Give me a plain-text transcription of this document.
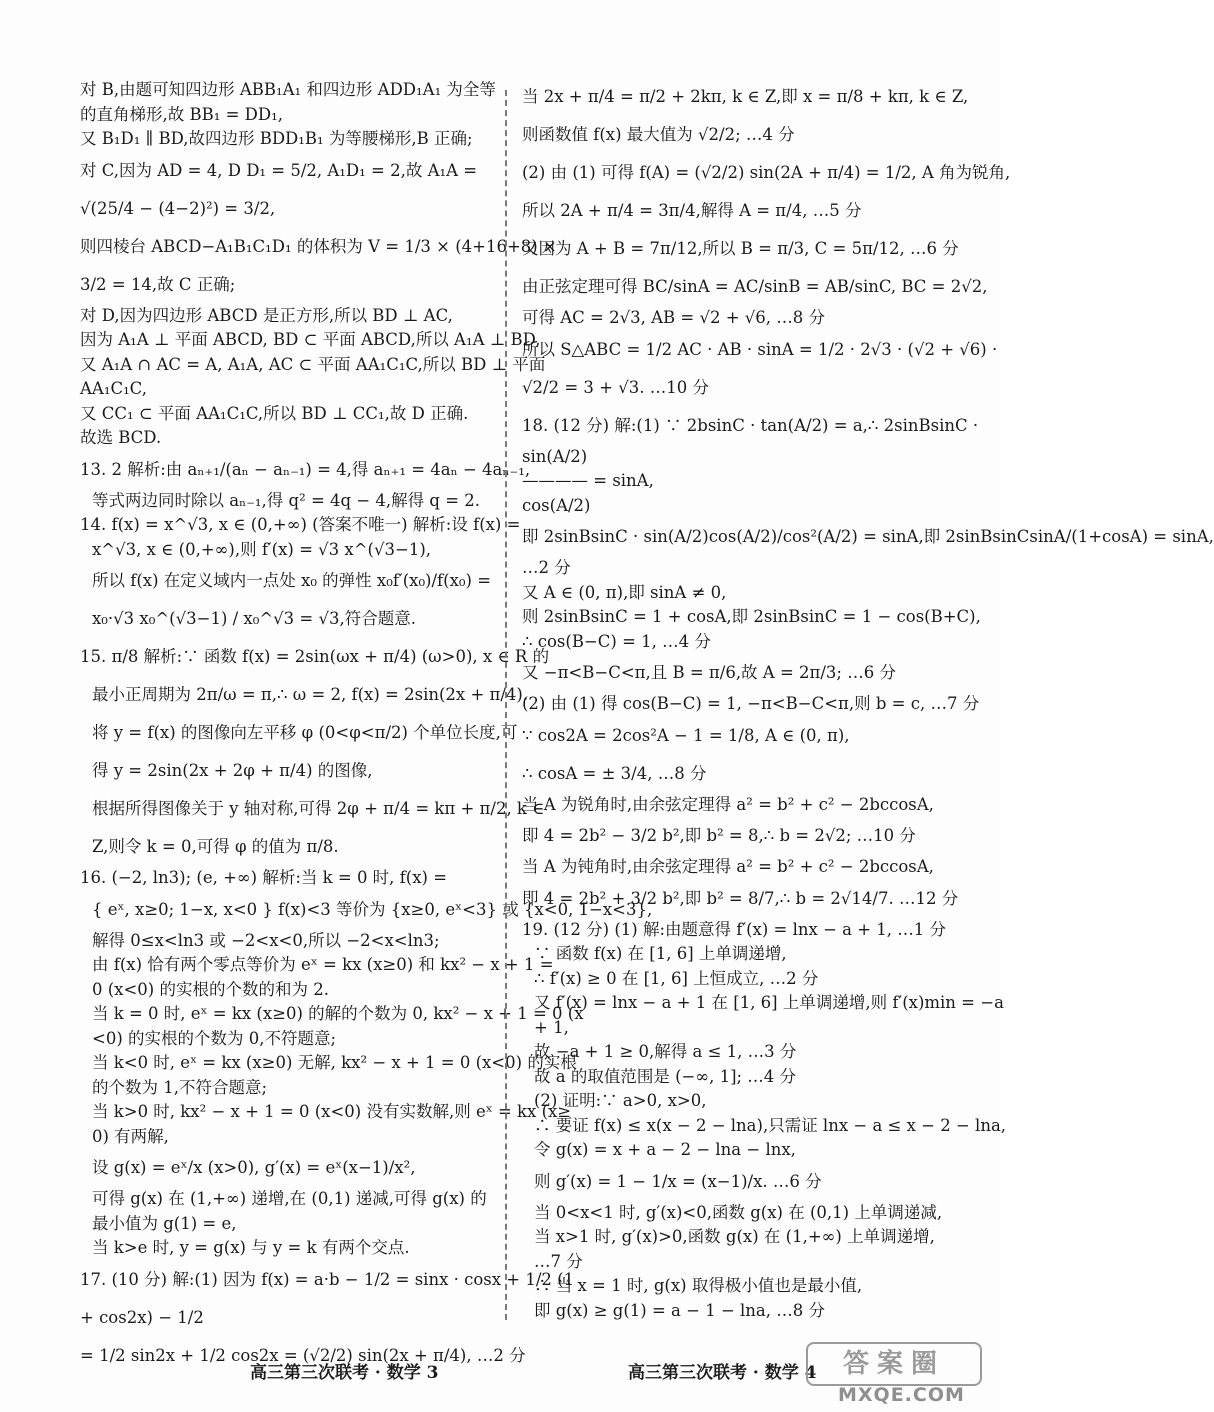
对 B,由题可知四边形 ABB₁A₁ 和四边形 ADD₁A₁ 为全等
的直角梯形,故 BB₁ = DD₁,
又 B₁D₁ ∥ BD,故四边形 BDD₁B₁ 为等腰梯形,B 正确;
对 C,因为 AD = 4, D D₁ = 5/2, A₁D₁ = 2,故 A₁A =
√(25/4 − (4−2)²) = 3/2,
则四棱台 ABCD−A₁B₁C₁D₁ 的体积为 V = 1/3 × (4+16+8) ×
3/2 = 14,故 C 正确;
对 D,因为四边形 ABCD 是正方形,所以 BD ⊥ AC,
因为 A₁A ⊥ 平面 ABCD, BD ⊂ 平面 ABCD,所以 A₁A ⊥ BD,
又 A₁A ∩ AC = A, A₁A, AC ⊂ 平面 AA₁C₁C,所以 BD ⊥ 平面
AA₁C₁C,
又 CC₁ ⊂ 平面 AA₁C₁C,所以 BD ⊥ CC₁,故 D 正确.
故选 BCD.
13. 2 解析:由 aₙ₊₁/(aₙ − aₙ₋₁) = 4,得 aₙ₊₁ = 4aₙ − 4aₙ₋₁,
等式两边同时除以 aₙ₋₁,得 q² = 4q − 4,解得 q = 2.
14. f(x) = x^√3, x ∈ (0,+∞) (答案不唯一) 解析:设 f(x) =
x^√3, x ∈ (0,+∞),则 f′(x) = √3 x^(√3−1),
所以 f(x) 在定义域内一点处 x₀ 的弹性 x₀f′(x₀)/f(x₀) =
x₀·√3 x₀^(√3−1) / x₀^√3 = √3,符合题意.
15. π/8 解析:∵ 函数 f(x) = 2sin(ωx + π/4) (ω>0), x ∈ R 的
最小正周期为 2π/ω = π,∴ ω = 2, f(x) = 2sin(2x + π/4).
将 y = f(x) 的图像向左平移 φ (0<φ<π/2) 个单位长度,可
得 y = 2sin(2x + 2φ + π/4) 的图像,
根据所得图像关于 y 轴对称,可得 2φ + π/4 = kπ + π/2, k ∈
Z,则令 k = 0,可得 φ 的值为 π/8.
16. (−2, ln3); (e, +∞) 解析:当 k = 0 时, f(x) =
{ eˣ, x≥0; 1−x, x<0 } f(x)<3 等价为 {x≥0, eˣ<3} 或 {x<0, 1−x<3},
解得 0≤x<ln3 或 −2<x<0,所以 −2<x<ln3;
由 f(x) 恰有两个零点等价为 eˣ = kx (x≥0) 和 kx² − x + 1 =
0 (x<0) 的实根的个数的和为 2.
当 k = 0 时, eˣ = kx (x≥0) 的解的个数为 0, kx² − x + 1 = 0 (x
<0) 的实根的个数为 0,不符题意;
当 k<0 时, eˣ = kx (x≥0) 无解, kx² − x + 1 = 0 (x<0) 的实根
的个数为 1,不符合题意;
当 k>0 时, kx² − x + 1 = 0 (x<0) 没有实数解,则 eˣ = kx (x≥
0) 有两解,
设 g(x) = eˣ/x (x>0), g′(x) = eˣ(x−1)/x²,
可得 g(x) 在 (1,+∞) 递增,在 (0,1) 递减,可得 g(x) 的
最小值为 g(1) = e,
当 k>e 时, y = g(x) 与 y = k 有两个交点.
17. (10 分) 解:(1) 因为 f(x) = a·b − 1/2 = sinx · cosx + 1/2 (1
+ cos2x) − 1/2
= 1/2 sin2x + 1/2 cos2x = (√2/2) sin(2x + π/4), …2 分
当 2x + π/4 = π/2 + 2kπ, k ∈ Z,即 x = π/8 + kπ, k ∈ Z,
则函数值 f(x) 最大值为 √2/2; …4 分
(2) 由 (1) 可得 f(A) = (√2/2) sin(2A + π/4) = 1/2, A 角为锐角,
所以 2A + π/4 = 3π/4,解得 A = π/4, …5 分
又因为 A + B = 7π/12,所以 B = π/3, C = 5π/12, …6 分
由正弦定理可得 BC/sinA = AC/sinB = AB/sinC, BC = 2√2,
可得 AC = 2√3, AB = √2 + √6, …8 分
所以 S△ABC = 1/2 AC · AB · sinA = 1/2 · 2√3 · (√2 + √6) ·
√2/2 = 3 + √3. …10 分
18. (12 分) 解:(1) ∵ 2bsinC · tan(A/2) = a,∴ 2sinBsinC ·
sin(A/2)
———— = sinA,
cos(A/2)
即 2sinBsinC · sin(A/2)cos(A/2)/cos²(A/2) = sinA,即 2sinBsinCsinA/(1+cosA) = sinA,
…2 分
又 A ∈ (0, π),即 sinA ≠ 0,
则 2sinBsinC = 1 + cosA,即 2sinBsinC = 1 − cos(B+C),
∴ cos(B−C) = 1, …4 分
又 −π<B−C<π,且 B = π/6,故 A = 2π/3; …6 分
(2) 由 (1) 得 cos(B−C) = 1, −π<B−C<π,则 b = c, …7 分
∵ cos2A = 2cos²A − 1 = 1/8, A ∈ (0, π),
∴ cosA = ± 3/4, …8 分
当 A 为锐角时,由余弦定理得 a² = b² + c² − 2bccosA,
即 4 = 2b² − 3/2 b²,即 b² = 8,∴ b = 2√2; …10 分
当 A 为钝角时,由余弦定理得 a² = b² + c² − 2bccosA,
即 4 = 2b² + 3/2 b²,即 b² = 8/7,∴ b = 2√14/7. …12 分
19. (12 分) (1) 解:由题意得 f′(x) = lnx − a + 1, …1 分
∵ 函数 f(x) 在 [1, 6] 上单调递增,
∴ f′(x) ≥ 0 在 [1, 6] 上恒成立, …2 分
又 f′(x) = lnx − a + 1 在 [1, 6] 上单调递增,则 f′(x)min = −a
+ 1,
故 −a + 1 ≥ 0,解得 a ≤ 1, …3 分
故 a 的取值范围是 (−∞, 1]; …4 分
(2) 证明:∵ a>0, x>0,
∴ 要证 f(x) ≤ x(x − 2 − lna),只需证 lnx − a ≤ x − 2 − lna,
令 g(x) = x + a − 2 − lna − lnx,
则 g′(x) = 1 − 1/x = (x−1)/x. …6 分
当 0<x<1 时, g′(x)<0,函数 g(x) 在 (0,1) 上单调递减,
当 x>1 时, g′(x)>0,函数 g(x) 在 (1,+∞) 上单调递增,
…7 分
∴ 当 x = 1 时, g(x) 取得极小值也是最小值,
即 g(x) ≥ g(1) = a − 1 − lna, …8 分
高三第三次联考 · 数学 3	高三第三次联考 · 数学 4	答案圈
MXQE.COM
